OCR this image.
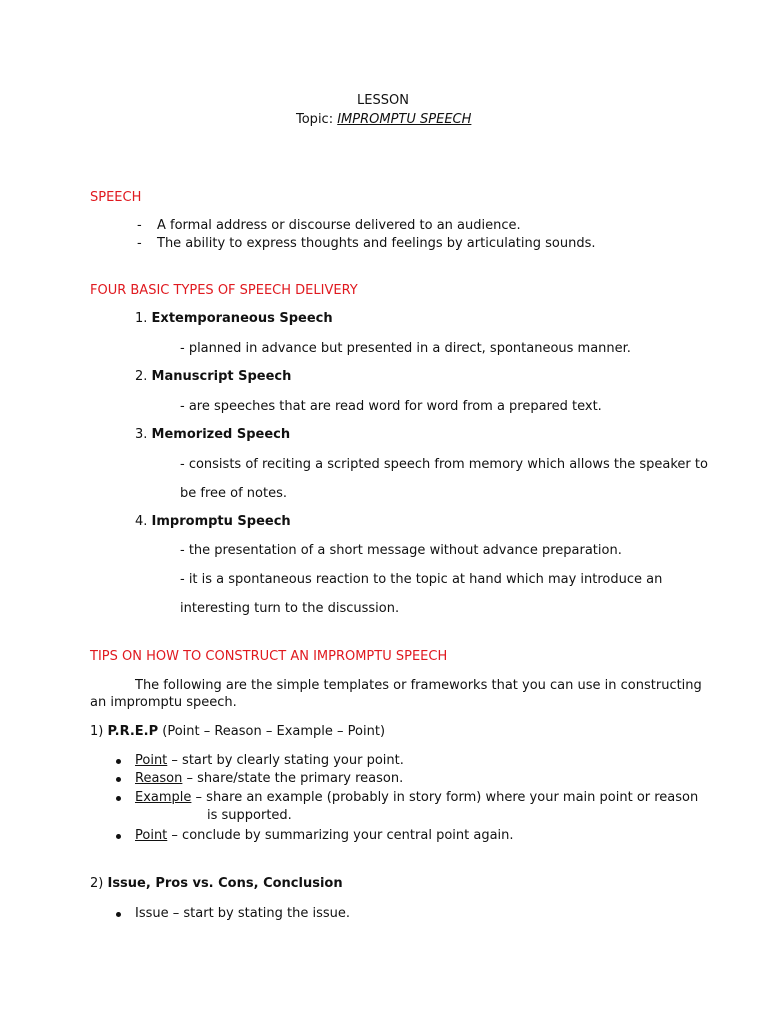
LESSON
Topic: IMPROMPTU SPEECH
SPEECH
- A formal address or discourse delivered to an audience.
- The ability to express thoughts and feelings by articulating sounds.
FOUR BASIC TYPES OF SPEECH DELIVERY
1. Extemporaneous Speech
- planned in advance but presented in a direct, spontaneous manner.
2. Manuscript Speech
- are speeches that are read word for word from a prepared text.
3. Memorized Speech
- consists of reciting a scripted speech from memory which allows the speaker to
be free of notes.
4. Impromptu Speech
- the presentation of a short message without advance preparation.
- it is a spontaneous reaction to the topic at hand which may introduce an
interesting turn to the discussion.
TIPS ON HOW TO CONSTRUCT AN IMPROMPTU SPEECH
The following are the simple templates or frameworks that you can use in constructing
an impromptu speech.
1) P.R.E.P (Point – Reason – Example – Point)
Point – start by clearly stating your point.
Reason – share/state the primary reason.
Example – share an example (probably in story form) where your main point or reason
is supported.
Point – conclude by summarizing your central point again.
2) Issue, Pros vs. Cons, Conclusion
Issue – start by stating the issue.
